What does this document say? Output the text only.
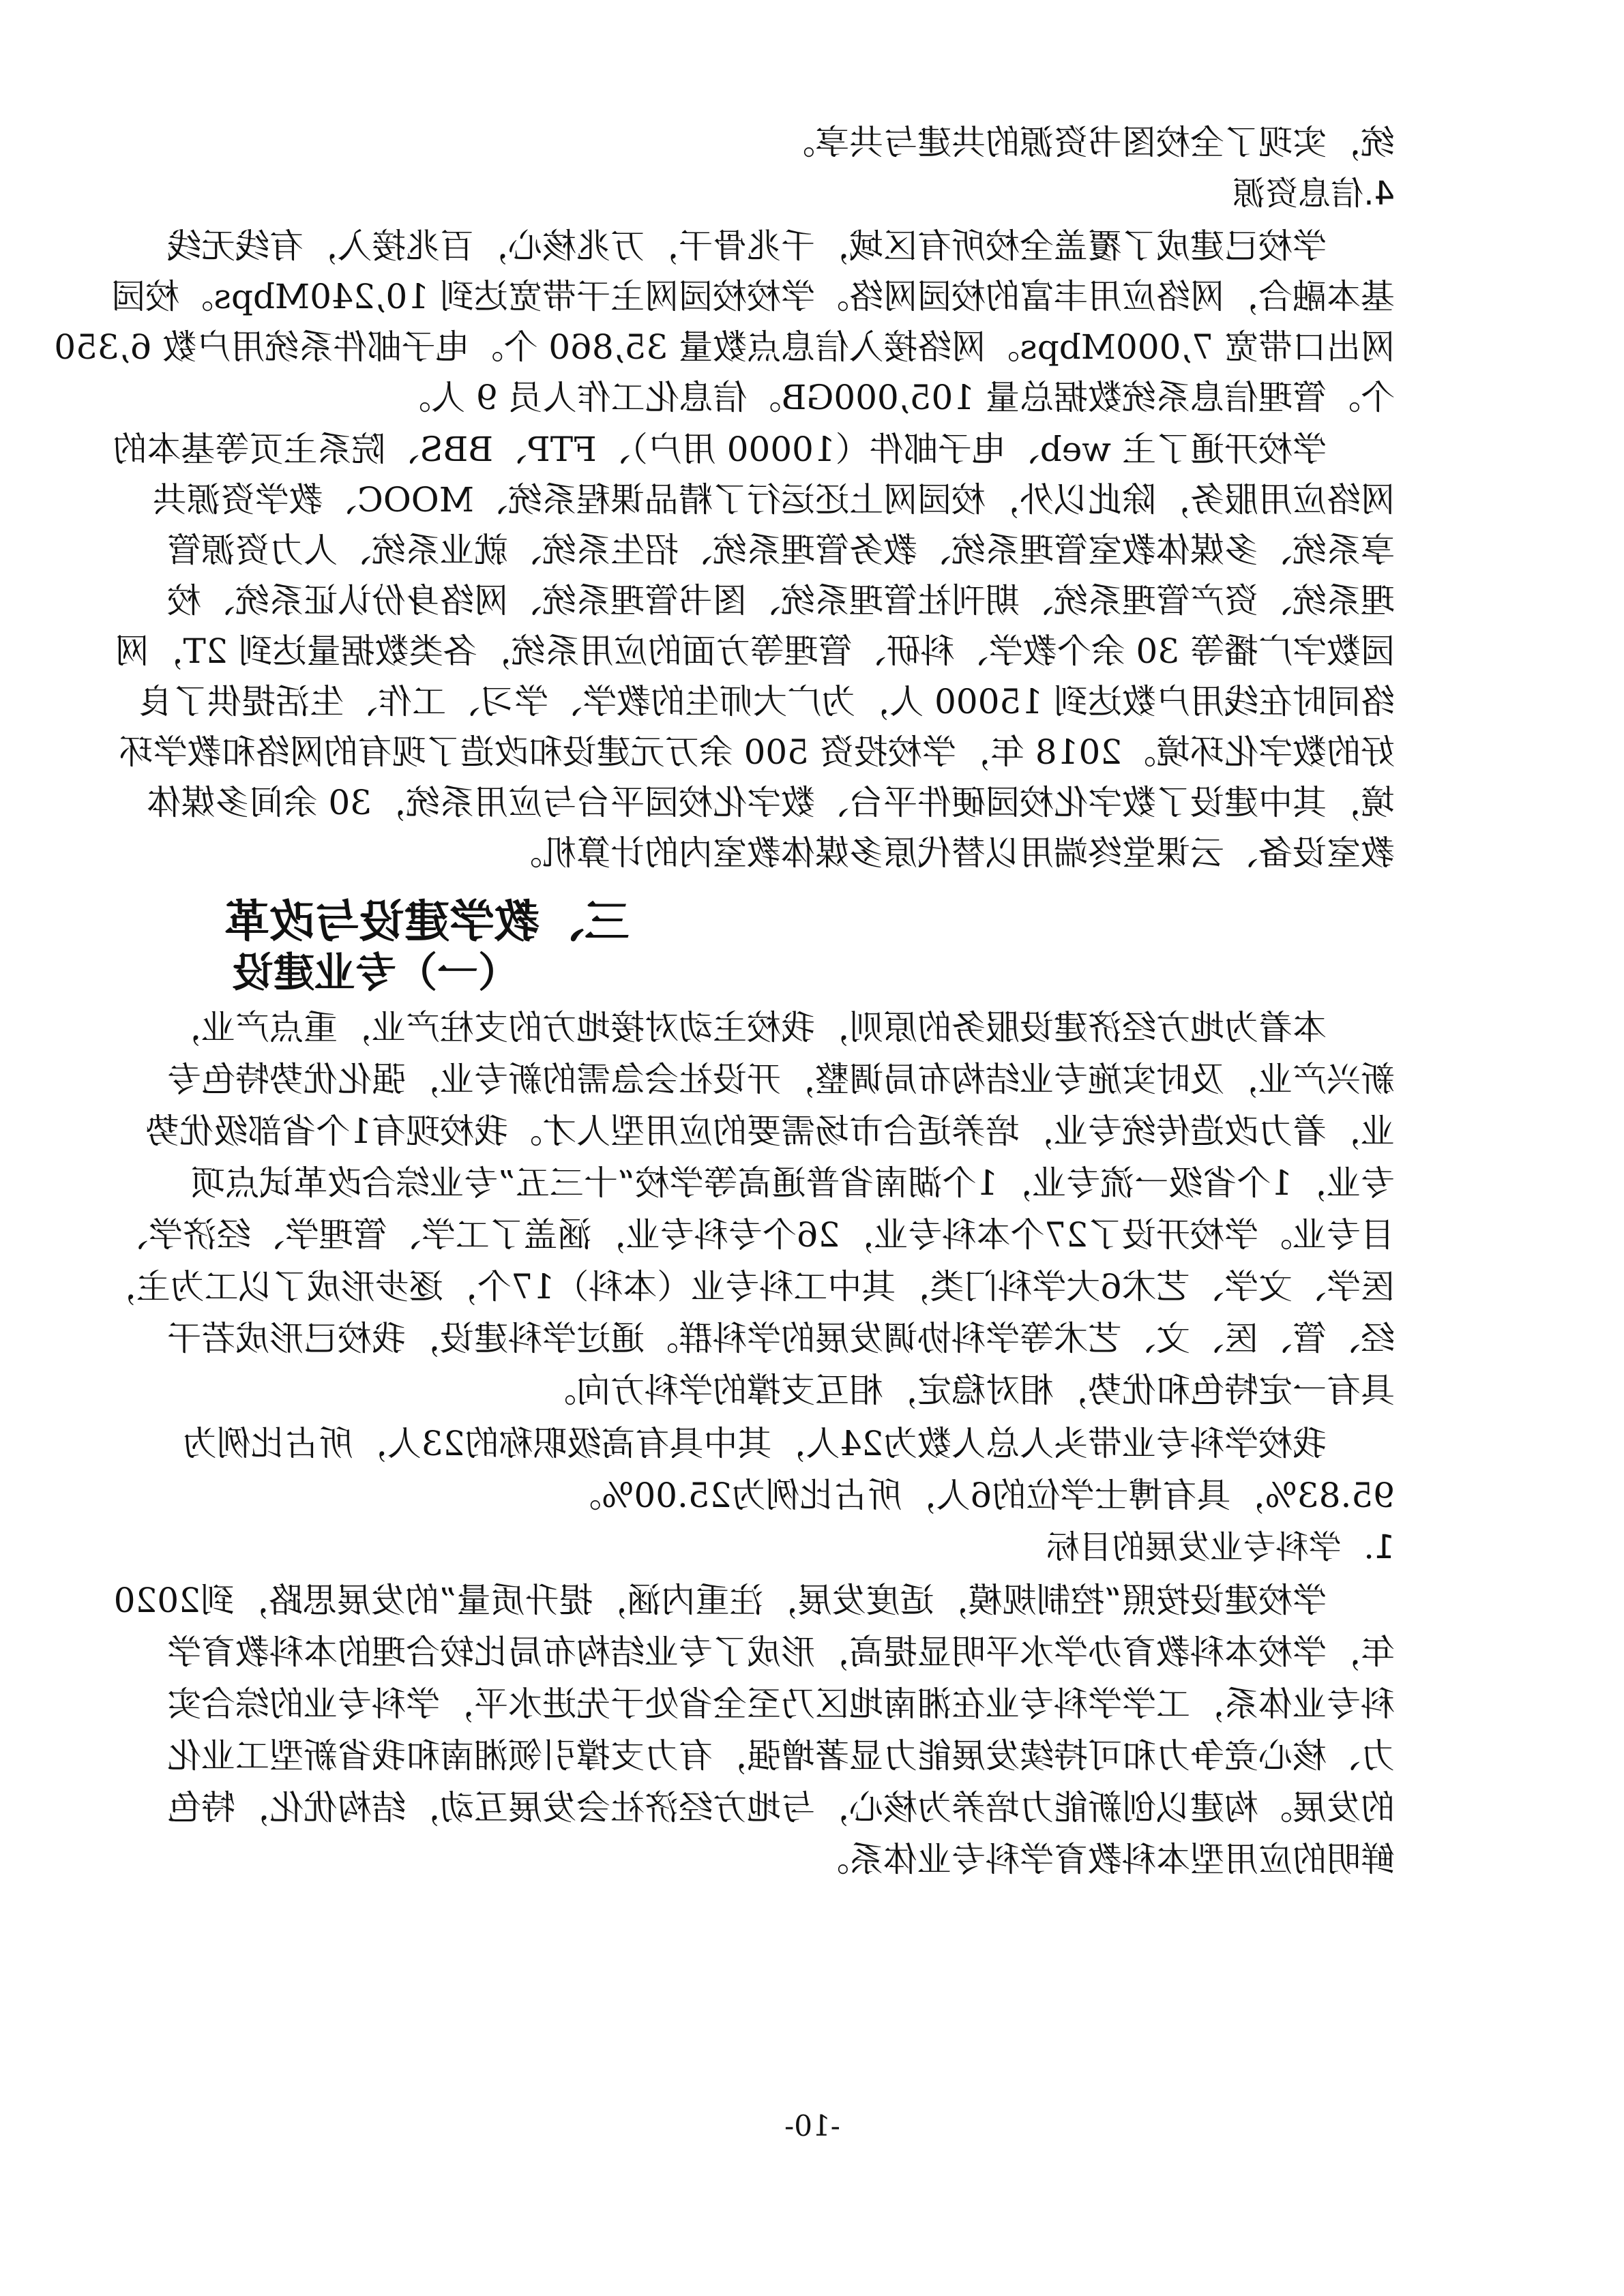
统，实现了全校图书资源的共建与共享。

4.信息资源

学校已建成了覆盖全校所有区域，千兆骨干，万兆核心，百兆接入，有线无线

基本融合，网络应用丰富的校园网络。学校校园网主干带宽达到 10,240Mbps。校园

网出口带宽 7,000Mbps。网络接入信息点数量 35,860 个。电子邮件系统用户数 6,350

个。管理信息系统数据总量 105,000GB。信息化工作人员 9 人。

学校开通了主 web、电子邮件（10000 用户）、FTP、BBS、院系主页等基本的

网络应用服务，除此以外，校园网上还运行了精品课程系统、MOOC、教学资源共

享系统、多媒体教室管理系统、教务管理系统、招生系统、就业系统、人力资源管

理系统、资产管理系统、期刊社管理系统、图书管理系统、网络身份认证系统、校

园数字广播等 30 余个教学、科研、管理等方面的应用系统，各类数据量达到 2T，网

络同时在线用户数达到 15000 人，为广大师生的教学、学习、工作、生活提供了良

好的数字化环境。2018 年，学校投资 500 余万元建设和改造了现有的网络和教学环

境，其中建设了数字化校园硬件平台、数字化校园平台与应用系统，30 余间多媒体

教室设备、云课堂终端用以替代原多媒体教室内的计算机。

三、教学建设与改革

（一）专业建设

本着为地方经济建设服务的原则，我校主动对接地方的支柱产业，重点产业，

新兴产业，及时实施专业结构布局调整，开设社会急需的新专业，强化优势特色专

业，着力改造传统专业，培养适合市场需要的应用型人才。我校现有1个省部级优势

专业，1个省级一流专业，1个湖南省普通高等学校“十三五”专业综合改革试点项

目专业。学校开设了27个本科专业，26个专科专业，涵盖了工学、管理学、经济学、

医学、文学、艺术6大学科门类，其中工科专业（本科）17个，逐步形成了以工为主，

经、管、医、文、艺术等学科协调发展的学科群。通过学科建设，我校已形成若干

具有一定特色和优势，相对稳定，相互支撑的学科方向。

我校学科专业带头人总人数为24人，其中具有高级职称的23人，所占比例为

95.83%，具有博士学位的6人，所占比例为25.00%。

1．学科专业发展的目标

学校建设按照“控制规模，适度发展，注重内涵，提升质量”的发展思路，到2020

年，学校本科教育办学水平明显提高，形成了专业结构布局比较合理的本科教育学

科专业体系，工学学科专业在湘南地区乃至全省处于先进水平，学科专业的综合实

力、核心竞争力和可持续发展能力显著增强，有力支撑引领湘南和我省新型工业化

的发展。构建以创新能力培养为核心，与地方经济社会发展互动，结构优化，特色

鲜明的应用型本科教育学科专业体系。

-10-
